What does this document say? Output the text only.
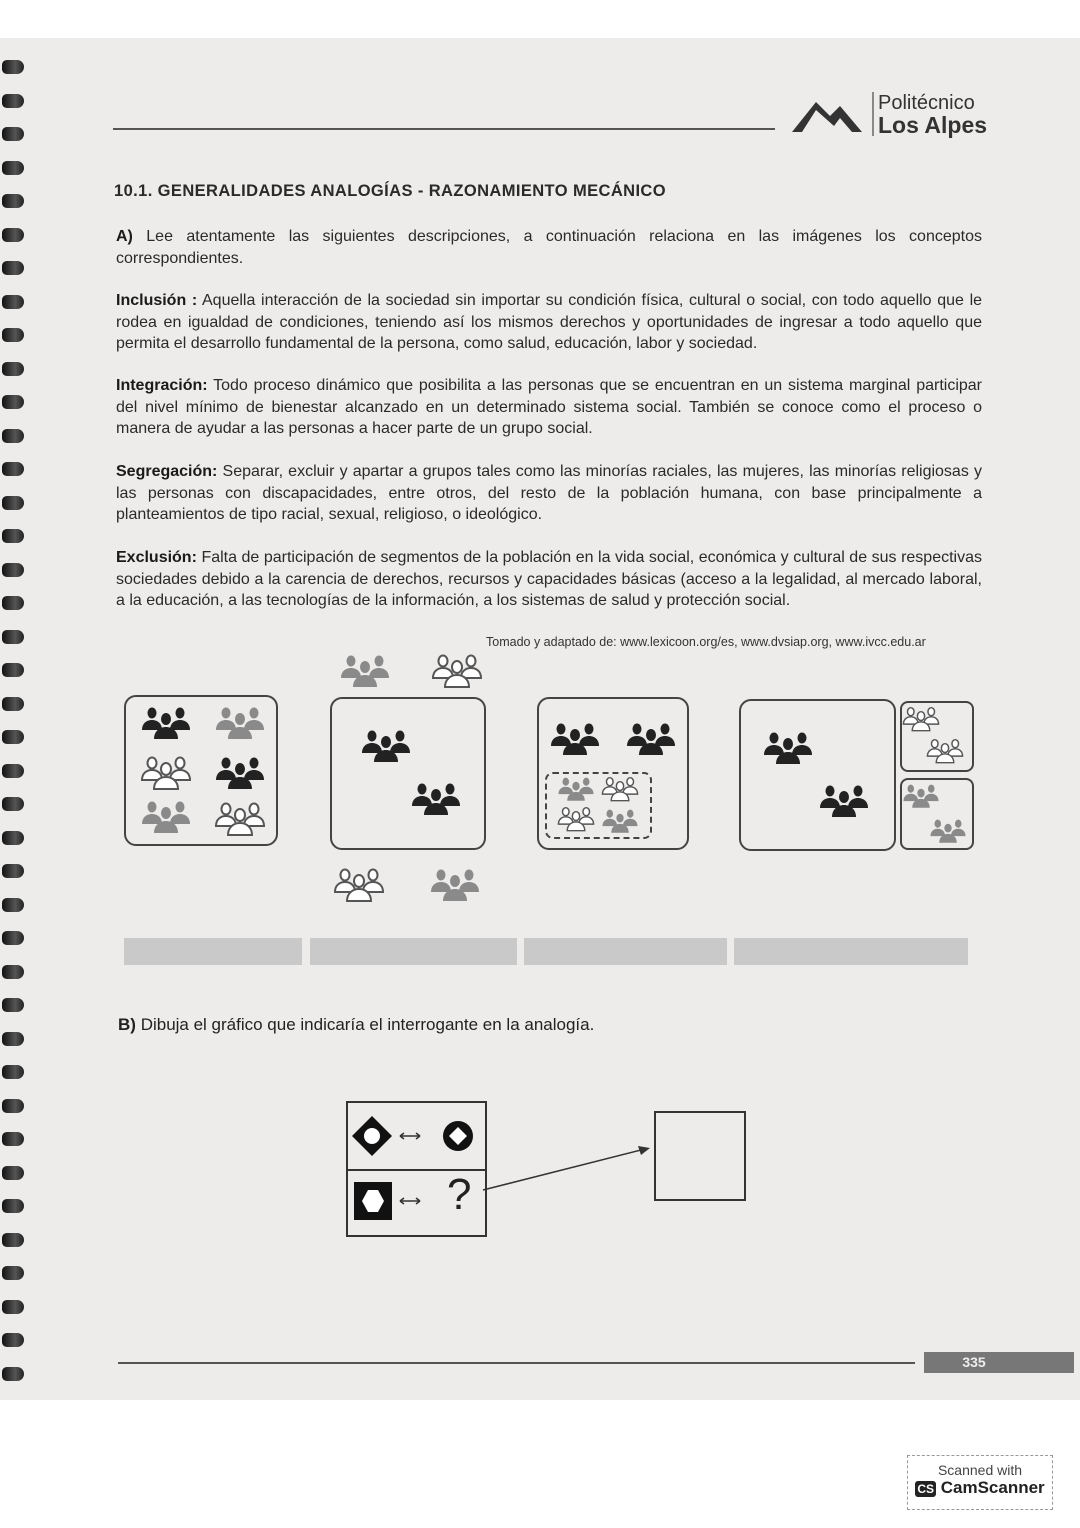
Politécnico
Los Alpes
10.1. GENERALIDADES ANALOGÍAS - RAZONAMIENTO MECÁNICO
A) Lee atentamente las siguientes descripciones, a continuación relaciona en las imágenes los conceptos correspondientes.
Inclusión : Aquella interacción de la sociedad sin importar su condición física, cultural o social, con todo aquello que le rodea en igualdad de condiciones, teniendo así los mismos derechos y oportunidades de ingresar a todo aquello que permita el desarrollo fundamental de la persona, como salud, educación, labor y sociedad.
Integración: Todo proceso dinámico que posibilita a las personas que se encuentran en un sistema marginal participar del nivel mínimo de bienestar alcanzado en un determinado sistema social. También se conoce como el proceso o manera de ayudar a las personas a hacer parte de un grupo social.
Segregación: Separar, excluir y apartar a grupos tales como las minorías raciales, las mujeres, las minorías religiosas y las personas con discapacidades, entre otros, del resto de la población humana, con base principalmente a planteamientos de tipo racial, sexual, religioso, o ideológico.
Exclusión: Falta de participación de segmentos de la población en la vida social, económica y cultural de sus respectivas sociedades debido a la carencia de derechos, recursos y capacidades básicas (acceso a la legalidad, al mercado laboral, a la educación, a las tecnologías de la información, a los sistemas de salud y protección social.
Tomado y adaptado de: www.lexicoon.org/es, www.dvsiap.org, www.ivcc.edu.ar
B) Dibuja el gráfico que indicaría el interrogante en la analogía.
?
335
Scanned with
CS CamScanner
